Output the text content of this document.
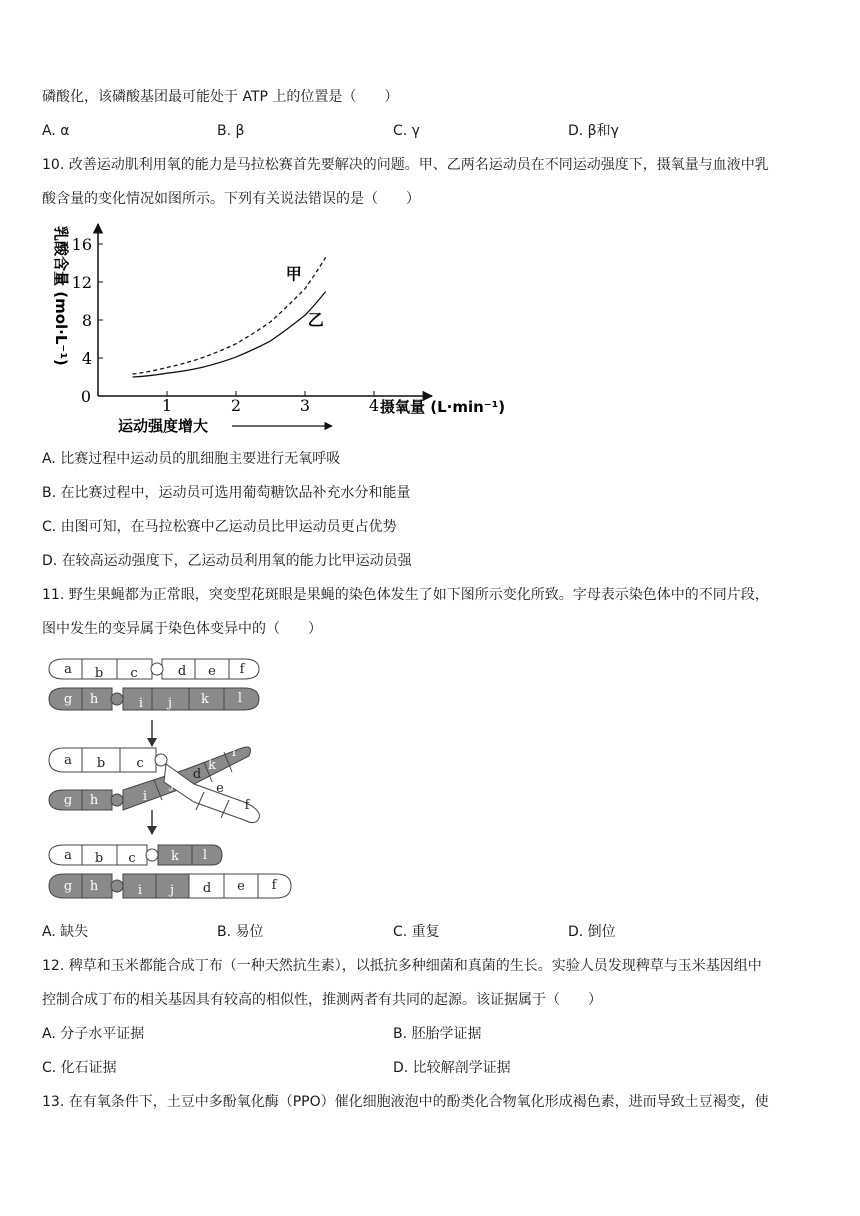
磷酸化，该磷酸基团最可能处于 ATP 上的位置是（　　）
A. α	B. β	C. γ	D. β和γ
10. 改善运动肌利用氧的能力是马拉松赛首先要解决的问题。甲、乙两名运动员在不同运动强度下，摄氧量与血液中乳
酸含量的变化情况如图所示。下列有关说法错误的是（　　）
1	2	3	4
4
8
12
16
甲
乙
0
乳酸含量 (mol·L⁻¹)
摄氧量 (L·min⁻¹)
运动强度增大
A. 比赛过程中运动员的肌细胞主要进行无氧呼吸
B. 在比赛过程中，运动员可选用葡萄糖饮品补充水分和能量
C. 由图可知，在马拉松赛中乙运动员比甲运动员更占优势
D. 在较高运动强度下，乙运动员利用氧的能力比甲运动员强
11. 野生果蝇都为正常眼，突变型花斑眼是果蝇的染色体发生了如下图所示变化所致。字母表示染色体中的不同片段，
图中发生的变异属于染色体变异中的（　　）
a b c	d e f
g h	i j k l
a b c
d
e
f
g h	i
j
k
l
a b c	k l
g h	i j d e f
A. 缺失	B. 易位	C. 重复	D. 倒位
12. 稗草和玉米都能合成丁布（一种天然抗生素），以抵抗多种细菌和真菌的生长。实验人员发现稗草与玉米基因组中
控制合成丁布的相关基因具有较高的相似性，推测两者有共同的起源。该证据属于（　　）
A. 分子水平证据	B. 胚胎学证据
C. 化石证据	D. 比较解剖学证据
13. 在有氧条件下，土豆中多酚氧化酶（PPO）催化细胞液泡中的酚类化合物氧化形成褐色素，进而导致土豆褐变，使
